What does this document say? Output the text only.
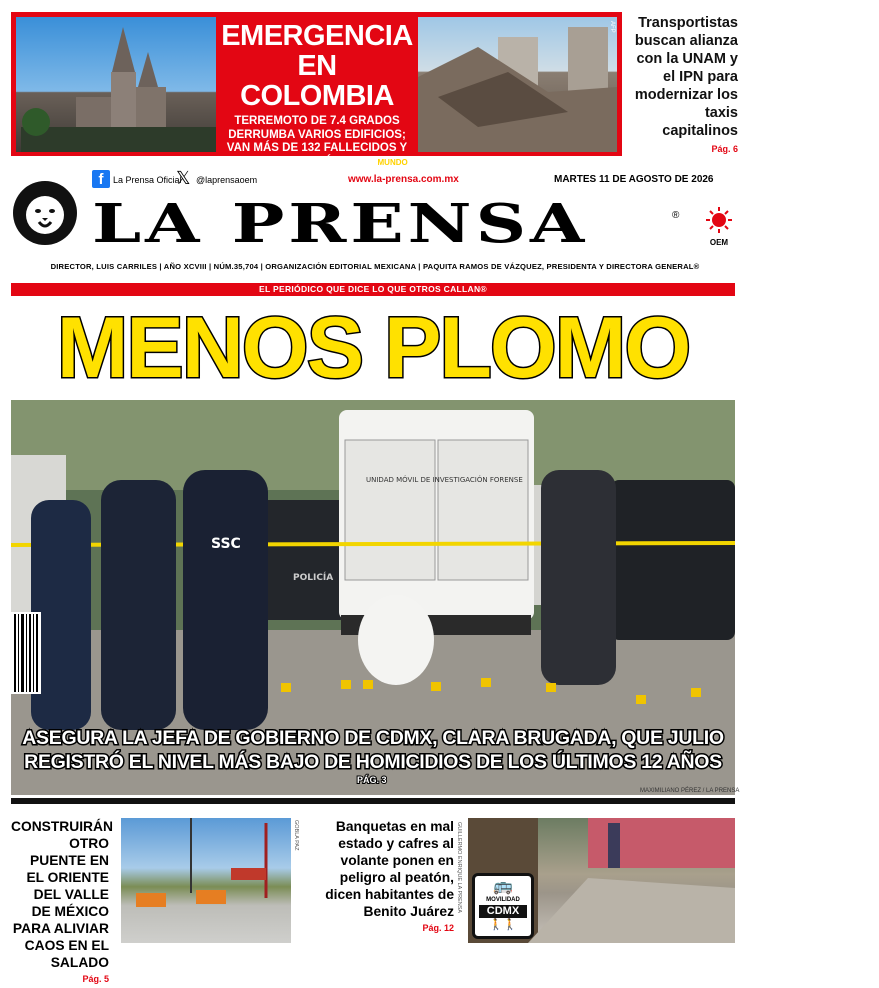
EMERGENCIA EN COLOMBIA
TERREMOTO DE 7.4 GRADOS DERRUMBA VARIOS EDIFICIOS; VAN MÁS DE 132 FALLECIDOS Y HAY TEMOR DE RÉPLICAS MUNDO
AFP	Transportistas buscan alianza con la UNAM y el IPN para modernizar los taxis capitalinos
Pág. 6
f	La Prensa Oficial
𝕏 @laprensaoem	www.la-prensa.com.mx	MARTES 11 DE AGOSTO DE 2026
LA PRENSA	®
OEM
DIRECTOR, LUIS CARRILES | AÑO XCVIII | NÚM.35,704 | ORGANIZACIÓN EDITORIAL MEXICANA | PAQUITA RAMOS DE VÁZQUEZ, PRESIDENTA Y DIRECTORA GENERAL®
EL PERIÓDICO QUE DICE LO QUE OTROS CALLAN®
MENOS PLOMO
UNIDAD MÓVIL DE INVESTIGACIÓN FORENSE
SSC
POLICÍA
ASEGURA LA JEFA DE GOBIERNO DE CDMX, CLARA BRUGADA, QUE JULIO
REGISTRÓ EL NIVEL MÁS BAJO DE HOMICIDIOS DE LOS ÚLTIMOS 12 AÑOS
PÁG. 3
MAXIMILIANO PÉREZ / LA PRENSA
CONSTRUIRÁN OTRO PUENTE EN EL ORIENTE DEL VALLE DE MÉXICO PARA ALIVIAR CAOS EN EL SALADO
Pág. 5
GOBLA PAZ	Banquetas en mal estado y cafres al volante ponen en peligro al peatón, dicen habitantes de Benito Juárez
Pág. 12
GUILLERMO ENRIQUE LA PRENSA	🚌
MOVILIDAD
CDMX
🚶🚶
